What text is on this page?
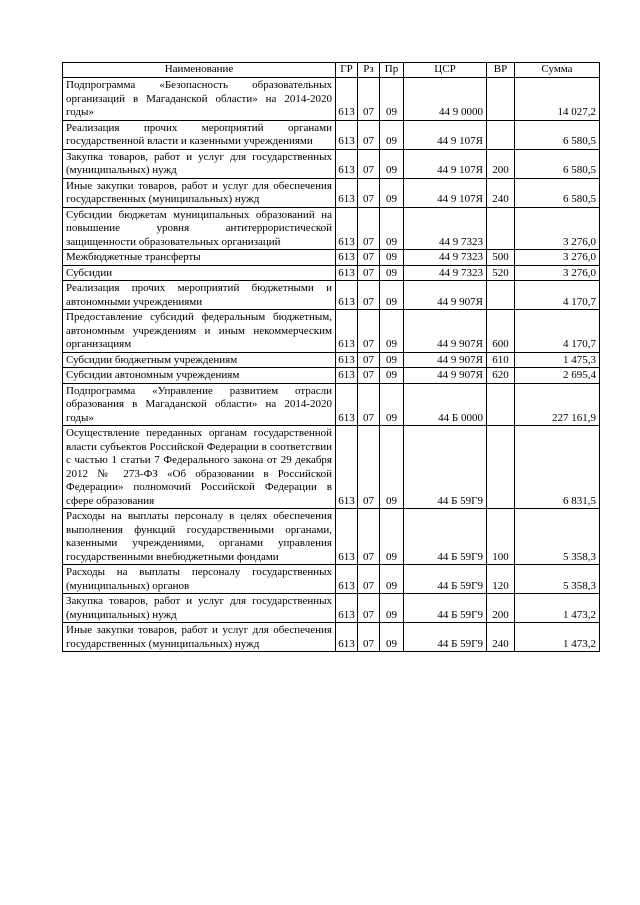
Наименование	ГР	Рз	Пр	ЦСР	ВР	Сумма
Подпрограмма «Безопасность образовательных организаций в Магаданской области» на 2014-2020 годы»	613	07	09	44 9 0000		14 027,2
Реализация прочих мероприятий органами государственной власти и казенными учреждениями	613	07	09	44 9 107Я		6 580,5
Закупка товаров, работ и услуг для государственных (муниципальных) нужд	613	07	09	44 9 107Я	200	6 580,5
Иные закупки товаров, работ и услуг для обеспечения государственных (муниципальных) нужд	613	07	09	44 9 107Я	240	6 580,5
Субсидии бюджетам муниципальных образований на повышение уровня антитеррористической защищенности образовательных организаций	613	07	09	44 9 7323		3 276,0
Межбюджетные трансферты	613	07	09	44 9 7323	500	3 276,0
Субсидии	613	07	09	44 9 7323	520	3 276,0
Реализация прочих мероприятий бюджетными и автономными учреждениями	613	07	09	44 9 907Я		4 170,7
Предоставление субсидий федеральным бюджетным, автономным учреждениям и иным некоммерческим организациям	613	07	09	44 9 907Я	600	4 170,7
Субсидии бюджетным учреждениям	613	07	09	44 9 907Я	610	1 475,3
Субсидии автономным учреждениям	613	07	09	44 9 907Я	620	2 695,4
Подпрограмма «Управление развитием отрасли образования в Магаданской области» на 2014-2020 годы»	613	07	09	44 Б 0000		227 161,9
Осуществление переданных органам государственной власти субъектов Российской Федерации в соответствии с частью 1 статьи 7 Федерального закона от 29 декабря 2012 № 273-ФЗ «Об образовании в Российской Федерации» полномочий Российской Федерации в сфере образования	613	07	09	44 Б 59Г9		6 831,5
Расходы на выплаты персоналу в целях обеспечения выполнения функций государственными органами, казенными учреждениями, органами управления государственными внебюджетными фондами	613	07	09	44 Б 59Г9	100	5 358,3
Расходы на выплаты персоналу государственных (муниципальных) органов	613	07	09	44 Б 59Г9	120	5 358,3
Закупка товаров, работ и услуг для государственных (муниципальных) нужд	613	07	09	44 Б 59Г9	200	1 473,2
Иные закупки товаров, работ и услуг для обеспечения государственных (муниципальных) нужд	613	07	09	44 Б 59Г9	240	1 473,2
